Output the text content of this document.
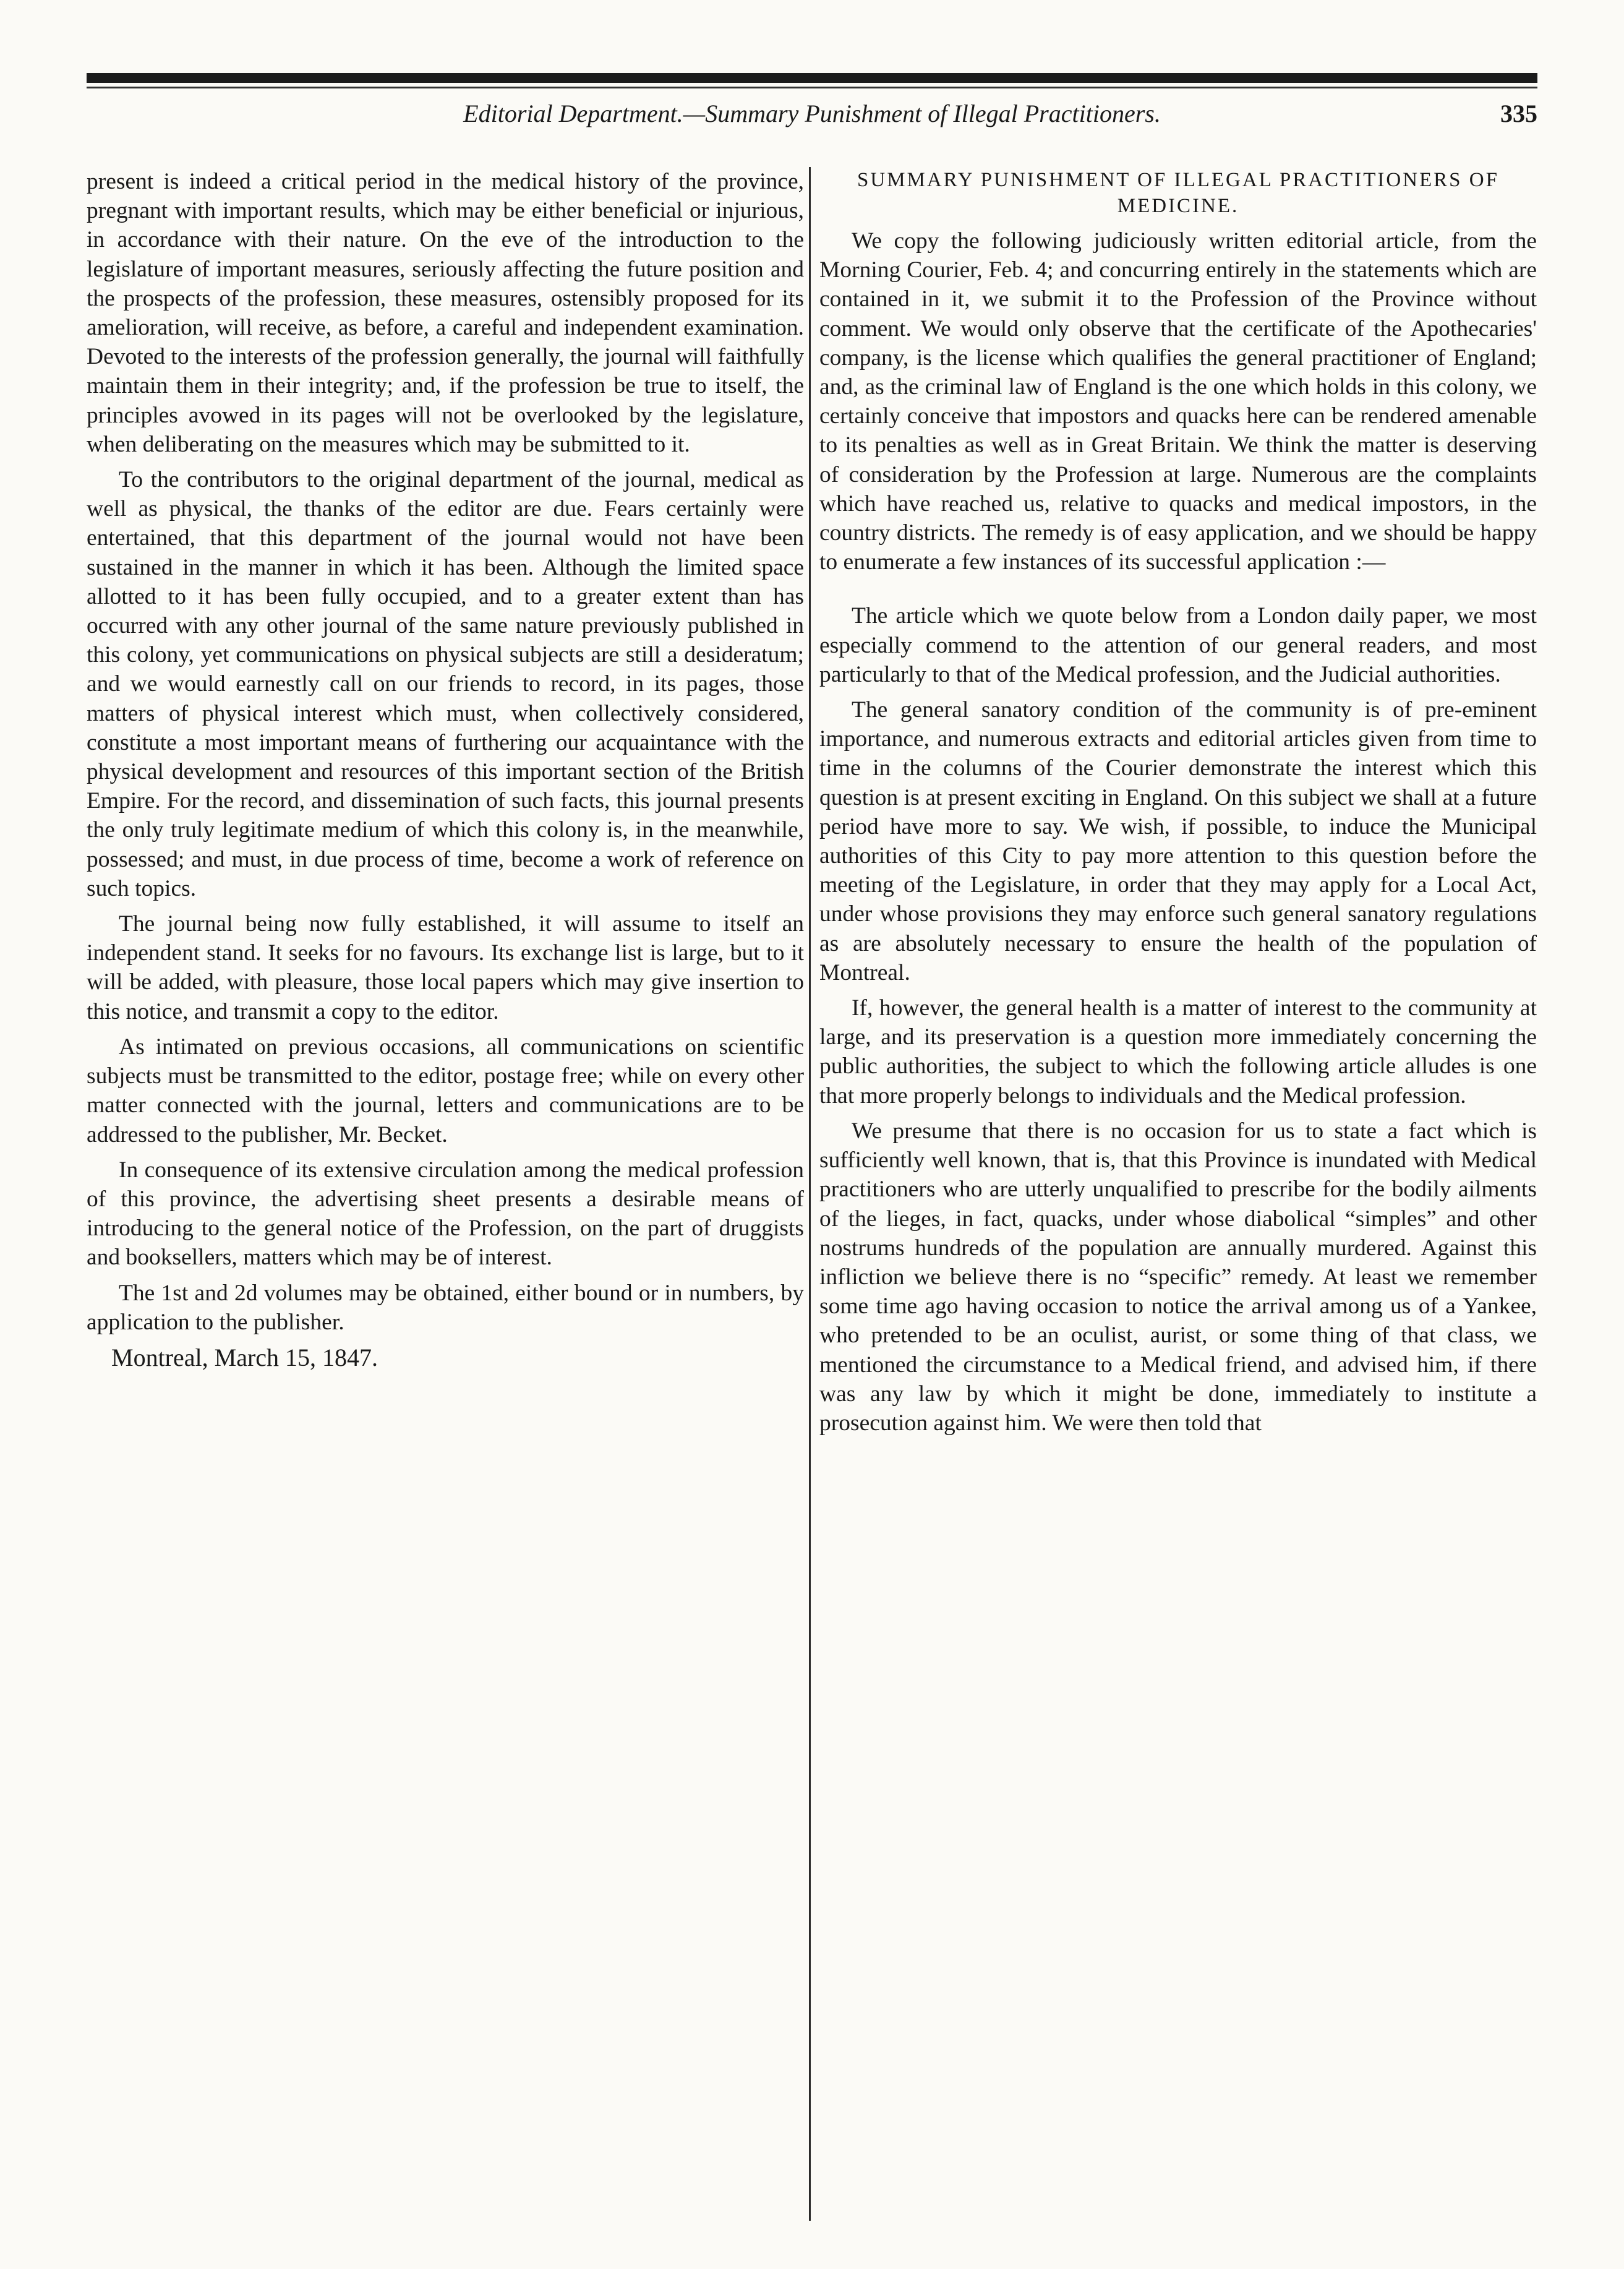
Editorial Department.—Summary Punishment of Illegal Practitioners.	335

present is indeed a critical period in the medical history of the province, pregnant with important results, which may be either beneficial or injurious, in accordance with their nature. On the eve of the introduction to the legislature of important measures, seriously affecting the future position and the prospects of the profession, these measures, ostensibly proposed for its amelioration, will receive, as before, a careful and independent examination. Devoted to the interests of the profession generally, the journal will faithfully maintain them in their integrity; and, if the profession be true to itself, the principles avowed in its pages will not be overlooked by the legislature, when deliberating on the measures which may be submitted to it.

To the contributors to the original department of the journal, medical as well as physical, the thanks of the editor are due. Fears certainly were entertained, that this department of the journal would not have been sustained in the manner in which it has been. Although the limited space allotted to it has been fully occupied, and to a greater extent than has occurred with any other journal of the same nature previously published in this colony, yet communications on physical subjects are still a desideratum; and we would earnestly call on our friends to record, in its pages, those matters of physical interest which must, when collectively considered, constitute a most important means of furthering our acquaintance with the physical development and resources of this important section of the British Empire. For the record, and dissemination of such facts, this journal presents the only truly legitimate medium of which this colony is, in the meanwhile, possessed; and must, in due process of time, become a work of reference on such topics.

The journal being now fully established, it will assume to itself an independent stand. It seeks for no favours. Its exchange list is large, but to it will be added, with pleasure, those local papers which may give insertion to this notice, and transmit a copy to the editor.

As intimated on previous occasions, all communications on scientific subjects must be transmitted to the editor, postage free; while on every other matter connected with the journal, letters and communications are to be addressed to the publisher, Mr. Becket.

In consequence of its extensive circulation among the medical profession of this province, the advertising sheet presents a desirable means of introducing to the general notice of the Profession, on the part of druggists and booksellers, matters which may be of interest.

The 1st and 2d volumes may be obtained, either bound or in numbers, by application to the publisher.

Montreal, March 15, 1847.

SUMMARY PUNISHMENT OF ILLEGAL PRACTITIONERS OF MEDICINE.

We copy the following judiciously written editorial article, from the Morning Courier, Feb. 4; and concurring entirely in the statements which are contained in it, we submit it to the Profession of the Province without comment. We would only observe that the certificate of the Apothecaries' company, is the license which qualifies the general practitioner of England; and, as the criminal law of England is the one which holds in this colony, we certainly conceive that impostors and quacks here can be rendered amenable to its penalties as well as in Great Britain. We think the matter is deserving of consideration by the Profession at large. Numerous are the complaints which have reached us, relative to quacks and medical impostors, in the country districts. The remedy is of easy application, and we should be happy to enumerate a few instances of its successful application :—

The article which we quote below from a London daily paper, we most especially commend to the attention of our general readers, and most particularly to that of the Medical profession, and the Judicial authorities.

The general sanatory condition of the community is of pre-eminent importance, and numerous extracts and editorial articles given from time to time in the columns of the Courier demonstrate the interest which this question is at present exciting in England. On this subject we shall at a future period have more to say. We wish, if possible, to induce the Municipal authorities of this City to pay more attention to this question before the meeting of the Legislature, in order that they may apply for a Local Act, under whose provisions they may enforce such general sanatory regulations as are absolutely necessary to ensure the health of the population of Montreal.

If, however, the general health is a matter of interest to the community at large, and its preservation is a question more immediately concerning the public authorities, the subject to which the following article alludes is one that more properly belongs to individuals and the Medical profession.

We presume that there is no occasion for us to state a fact which is sufficiently well known, that is, that this Province is inundated with Medical practitioners who are utterly unqualified to prescribe for the bodily ailments of the lieges, in fact, quacks, under whose diabolical “simples” and other nostrums hundreds of the population are annually murdered. Against this infliction we believe there is no “specific” remedy. At least we remember some time ago having occasion to notice the arrival among us of a Yankee, who pretended to be an oculist, aurist, or some thing of that class, we mentioned the circumstance to a Medical friend, and advised him, if there was any law by which it might be done, immediately to institute a prosecution against him. We were then told that
